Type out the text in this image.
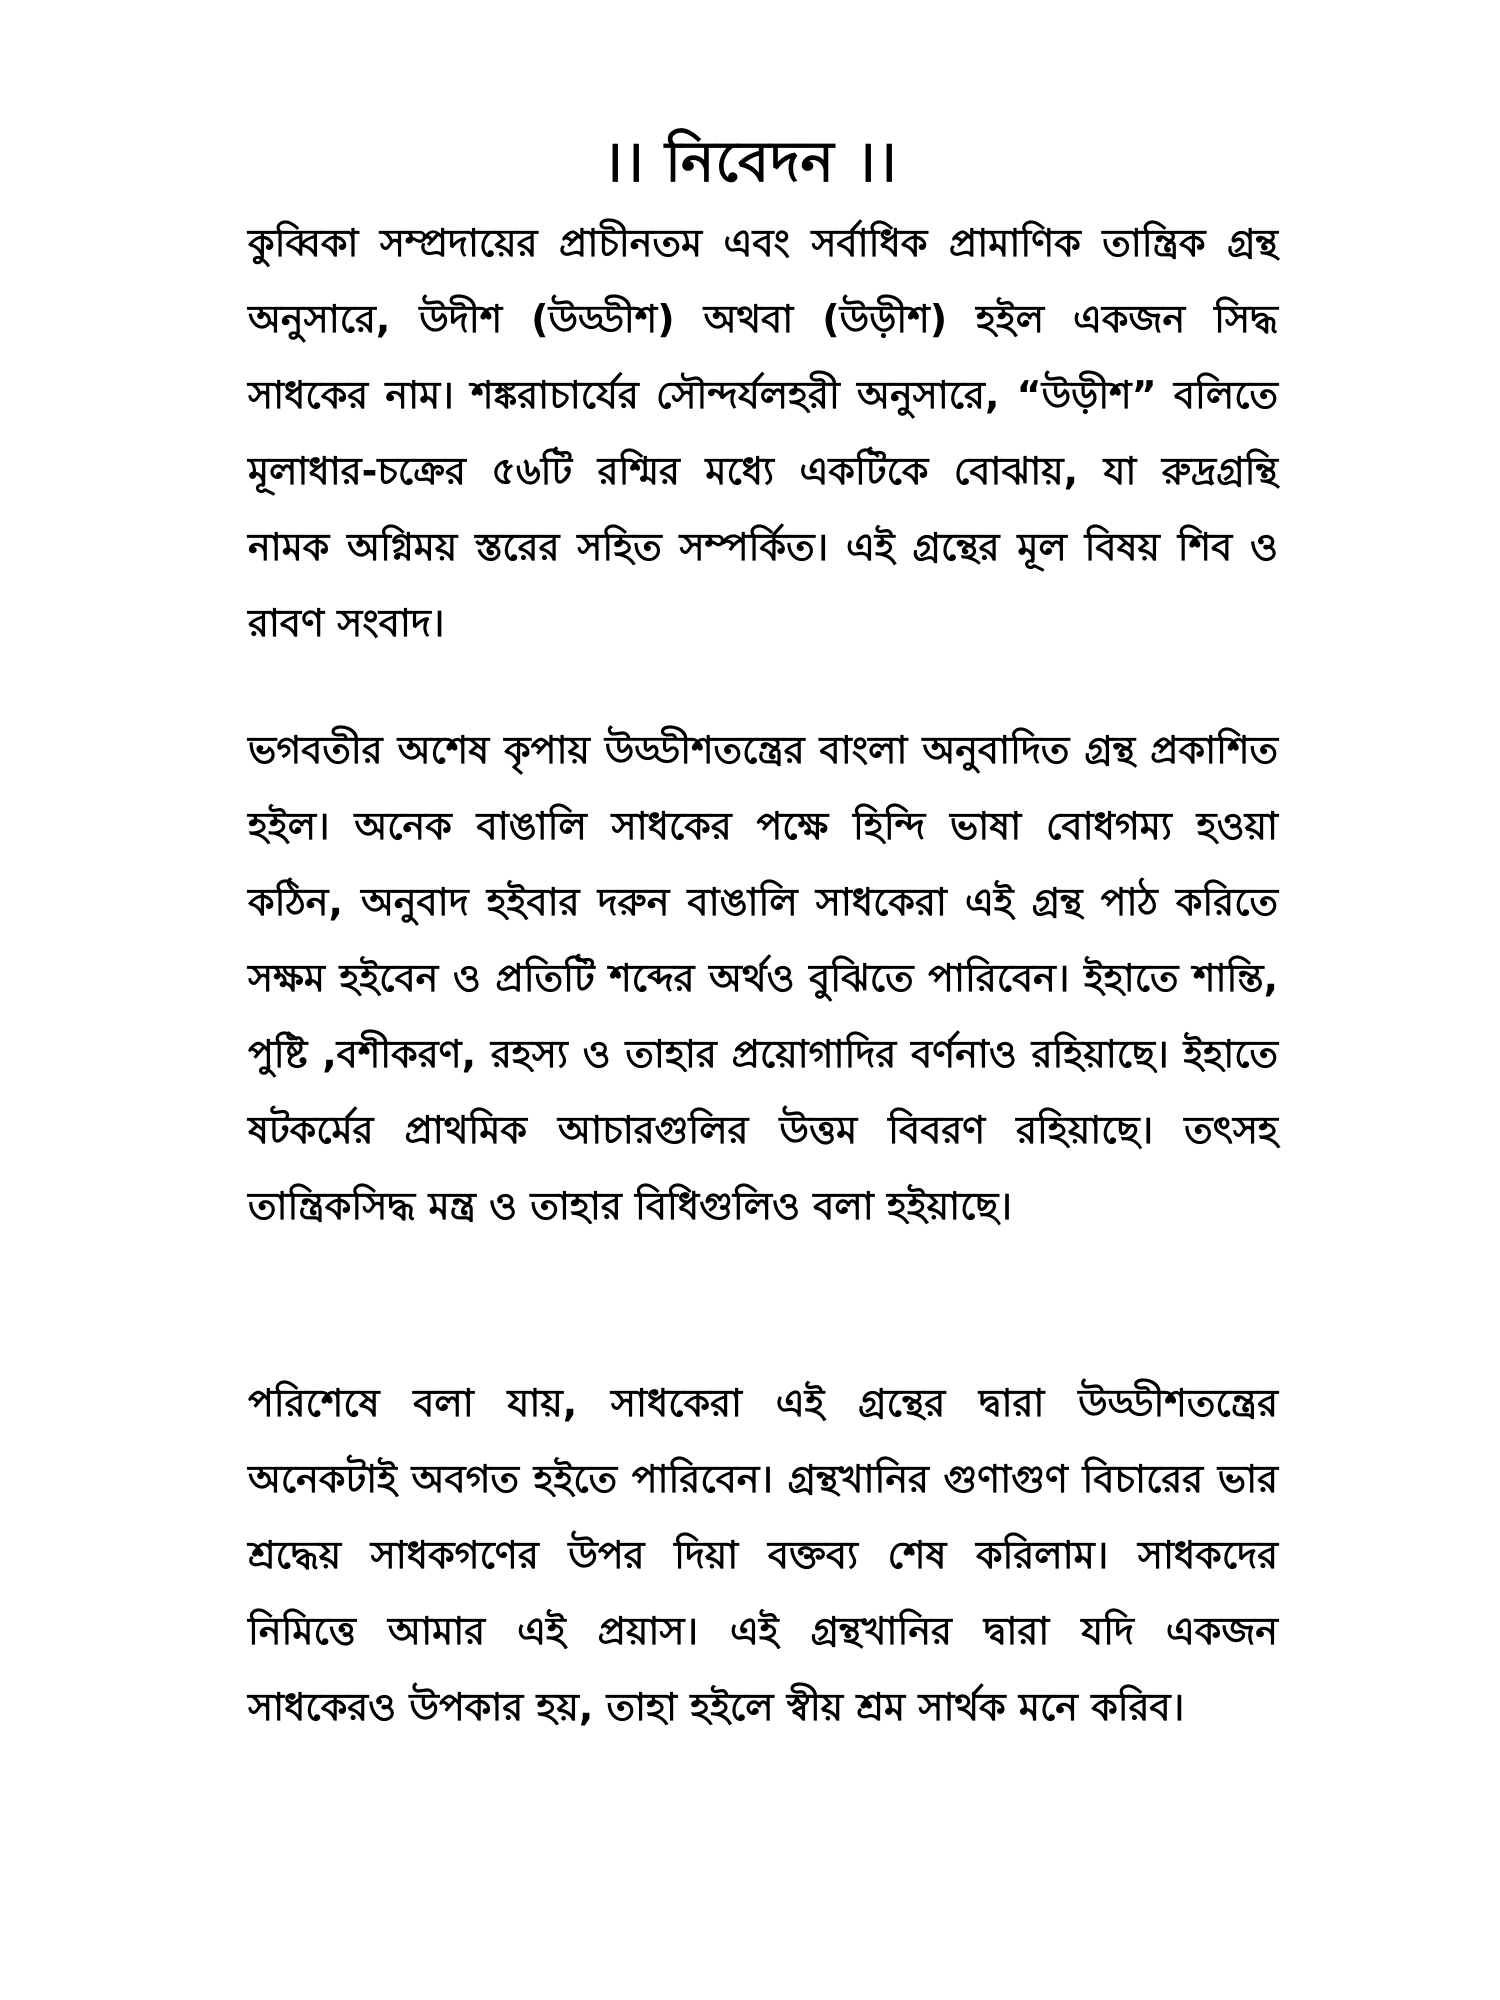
।। নিবেদন ।।

কুব্বিকা সম্প্রদায়ের প্রাচীনতম এবং সর্বাধিক প্রামাণিক তান্ত্রিক গ্রন্থ অনুসারে, উদীশ (উড্ডীশ) অথবা (উড়ীশ) হইল একজন সিদ্ধ সাধকের নাম। শঙ্করাচার্যের সৌন্দর্যলহরী অনুসারে, “উড়ীশ” বলিতে মূলাধার-চক্রের ৫৬টি রশ্মির মধ্যে একটিকে বোঝায়, যা রুদ্রগ্রন্থি নামক অগ্নিময় স্তরের সহিত সম্পর্কিত। এই গ্রন্থের মূল বিষয় শিব ও রাবণ সংবাদ।

ভগবতীর অশেষ কৃপায় উড্ডীশতন্ত্রের বাংলা অনুবাদিত গ্রন্থ প্রকাশিত হইল। অনেক বাঙালি সাধকের পক্ষে হিন্দি ভাষা বোধগম্য হওয়া কঠিন, অনুবাদ হইবার দরুন বাঙালি সাধকেরা এই গ্রন্থ পাঠ করিতে সক্ষম হইবেন ও প্রতিটি শব্দের অর্থও বুঝিতে পারিবেন। ইহাতে শান্তি, পুষ্টি ,বশীকরণ, রহস্য ও তাহার প্রয়োগাদির বর্ণনাও রহিয়াছে। ইহাতে ষটকর্মের প্রাথমিক আচারগুলির উত্তম বিবরণ রহিয়াছে। তৎসহ তান্ত্রিকসিদ্ধ মন্ত্র ও তাহার বিধিগুলিও বলা হইয়াছে।

পরিশেষে বলা যায়, সাধকেরা এই গ্রন্থের দ্বারা উড্ডীশতন্ত্রের অনেকটাই অবগত হইতে পারিবেন। গ্রন্থখানির গুণাগুণ বিচারের ভার শ্রদ্ধেয় সাধকগণের উপর দিয়া বক্তব্য শেষ করিলাম। সাধকদের নিমিত্তে আমার এই প্রয়াস। এই গ্রন্থখানির দ্বারা যদি একজন সাধকেরও উপকার হয়, তাহা হইলে স্বীয় শ্রম সার্থক মনে করিব।
